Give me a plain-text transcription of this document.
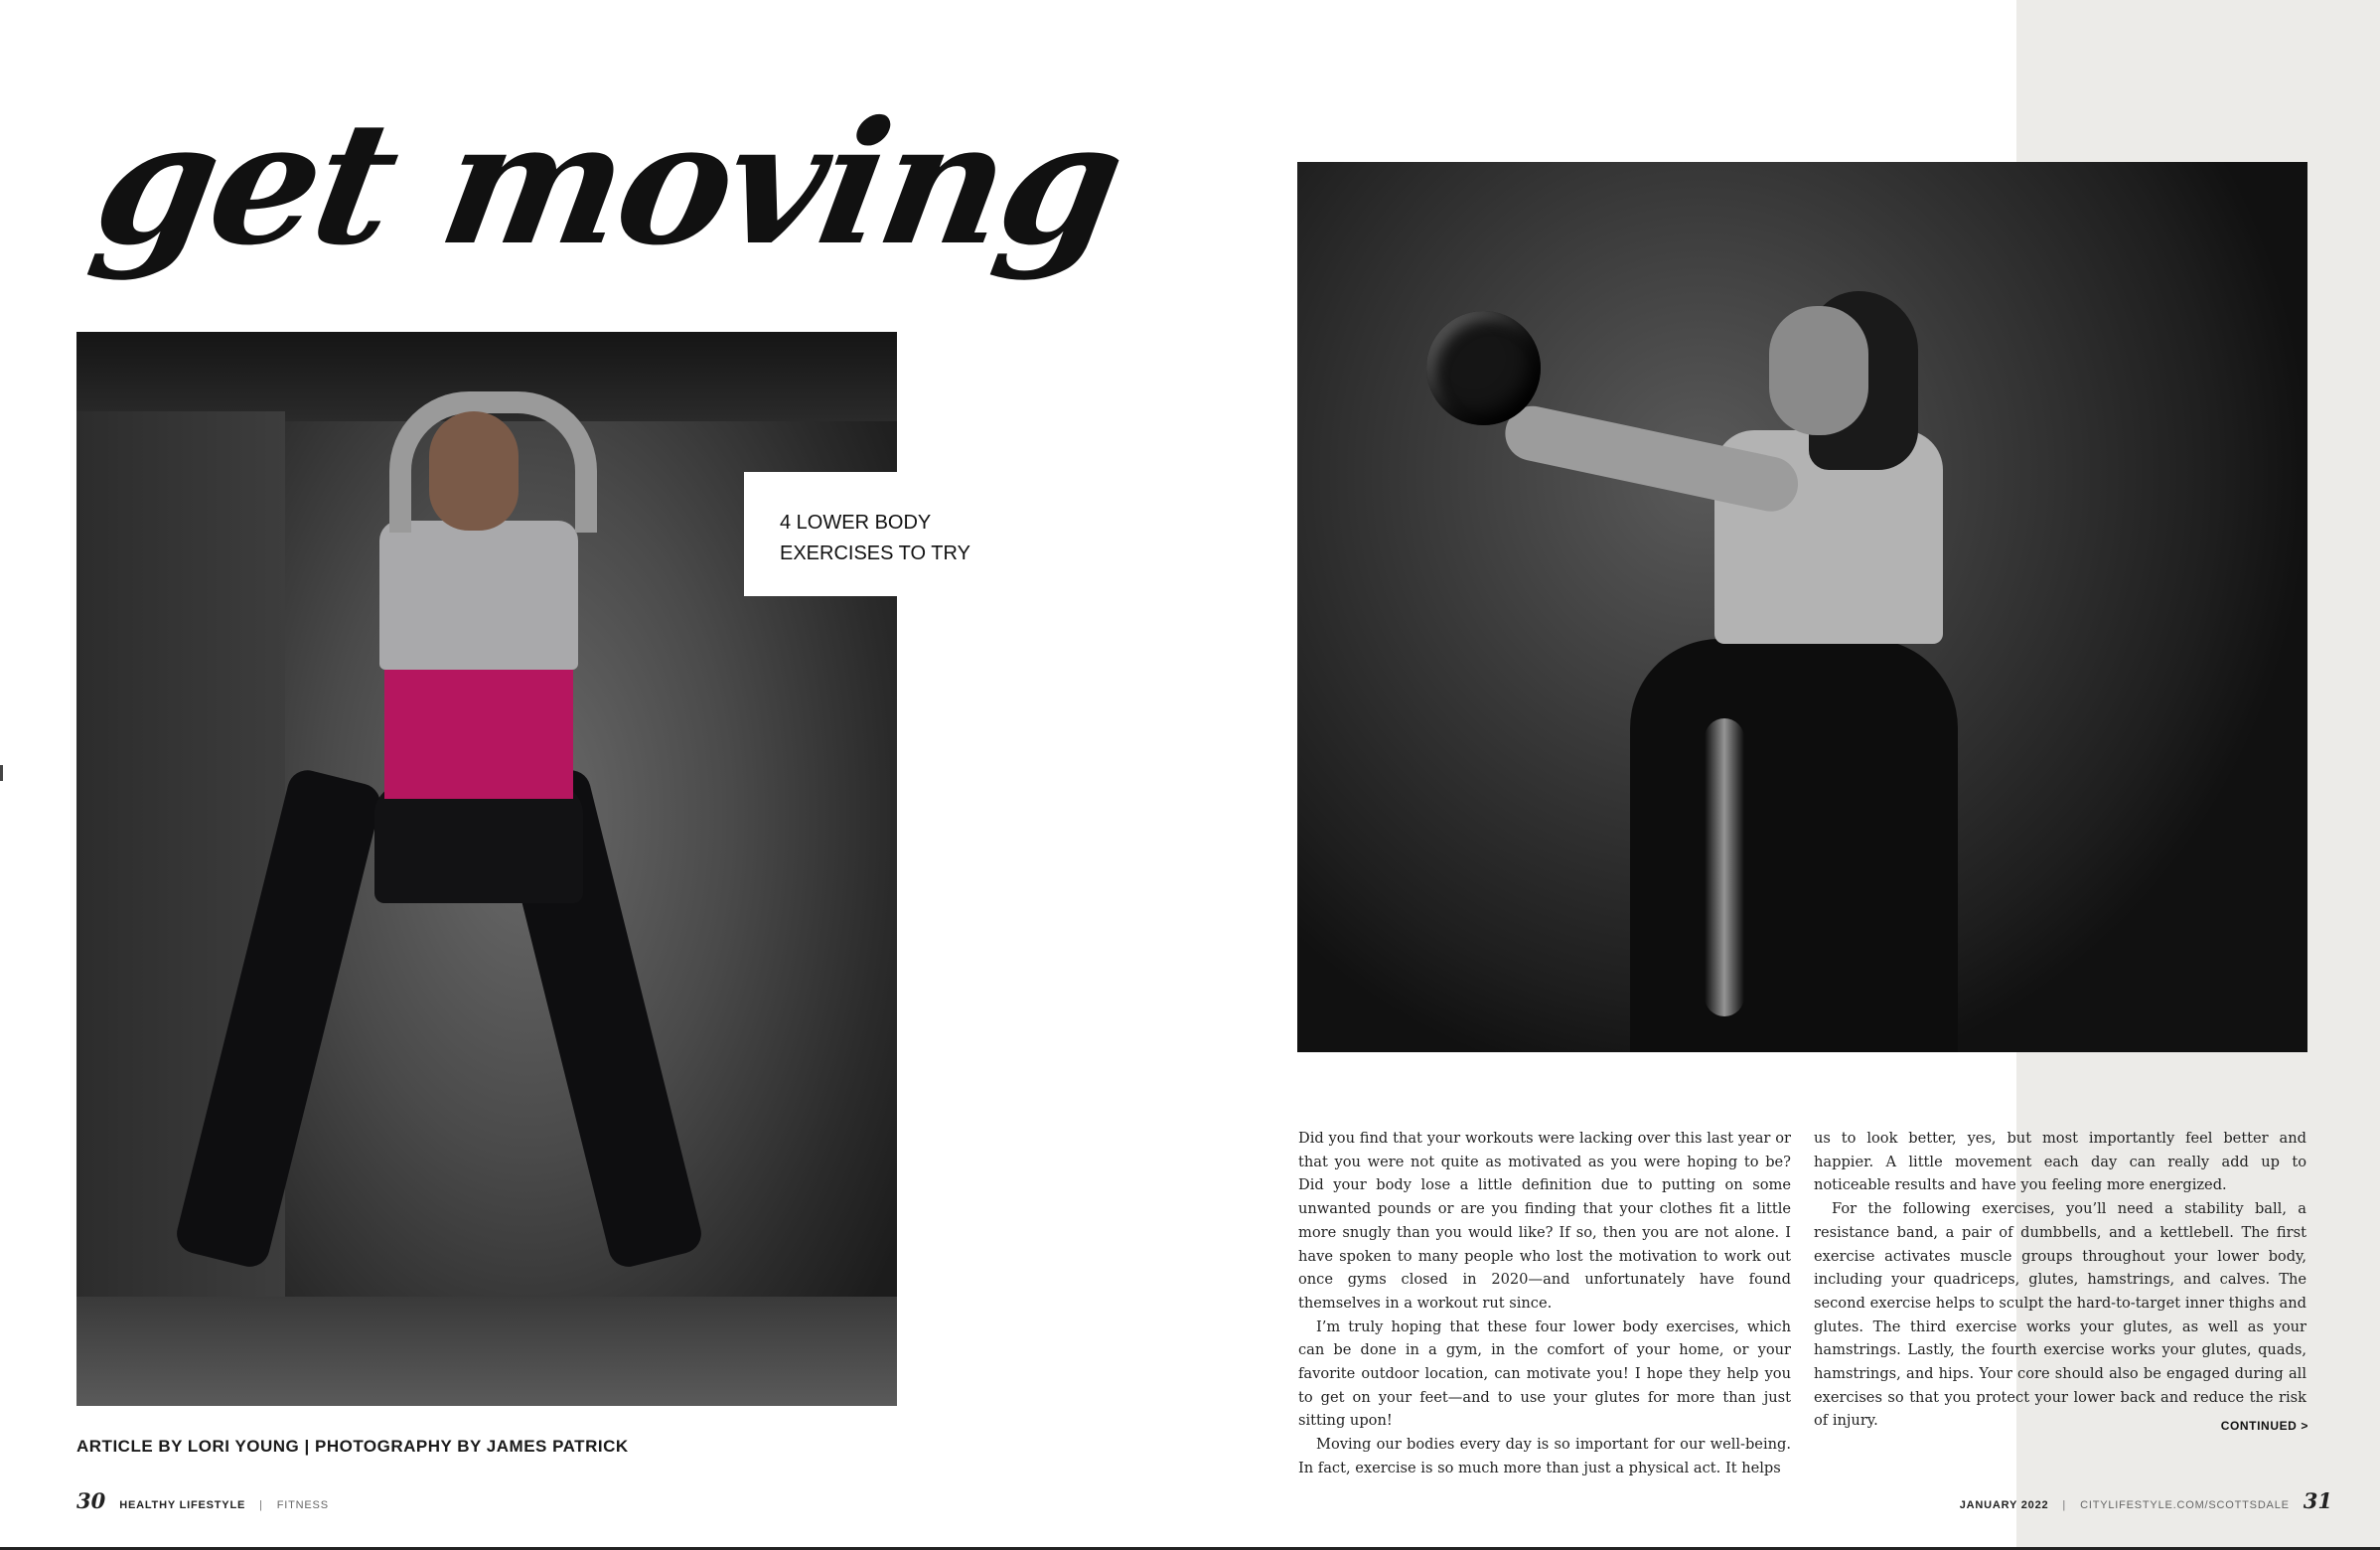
get moving
4 LOWER BODY
EXERCISES TO TRY
ARTICLE BY LORI YOUNG | PHOTOGRAPHY BY JAMES PATRICK

Did you find that your workouts were lacking over this last year or that you were not quite as motivated as you were hoping to be? Did your body lose a little definition due to putting on some unwanted pounds or are you finding that your clothes fit a little more snugly than you would like? If so, then you are not alone. I have spoken to many people who lost the motivation to work out once gyms closed in 2020—and unfortunately have found themselves in a workout rut since.

I’m truly hoping that these four lower body exercises, which can be done in a gym, in the comfort of your home, or your favorite outdoor location, can motivate you! I hope they help you to get on your feet—and to use your glutes for more than just sitting upon!

Moving our bodies every day is so important for our well-being. In fact, exercise is so much more than just a physical act. It helps

us to look better, yes, but most importantly feel better and happier. A little movement each day can really add up to noticeable results and have you feeling more energized.

For the following exercises, you’ll need a stability ball, a resistance band, a pair of dumbbells, and a kettlebell. The first exercise activates muscle groups throughout your lower body, including your quadriceps, glutes, hamstrings, and calves. The second exercise helps to sculpt the hard-to-target inner thighs and glutes. The third exercise works your glutes, as well as your hamstrings. Lastly, the fourth exercise works your glutes, quads, hamstrings, and hips. Your core should also be engaged during all exercises so that you protect your lower back and reduce the risk of injury.	CONTINUED >
30 HEALTHY LIFESTYLE | FITNESS	JANUARY 2022 | CITYLIFESTYLE.COM/SCOTTSDALE 31
